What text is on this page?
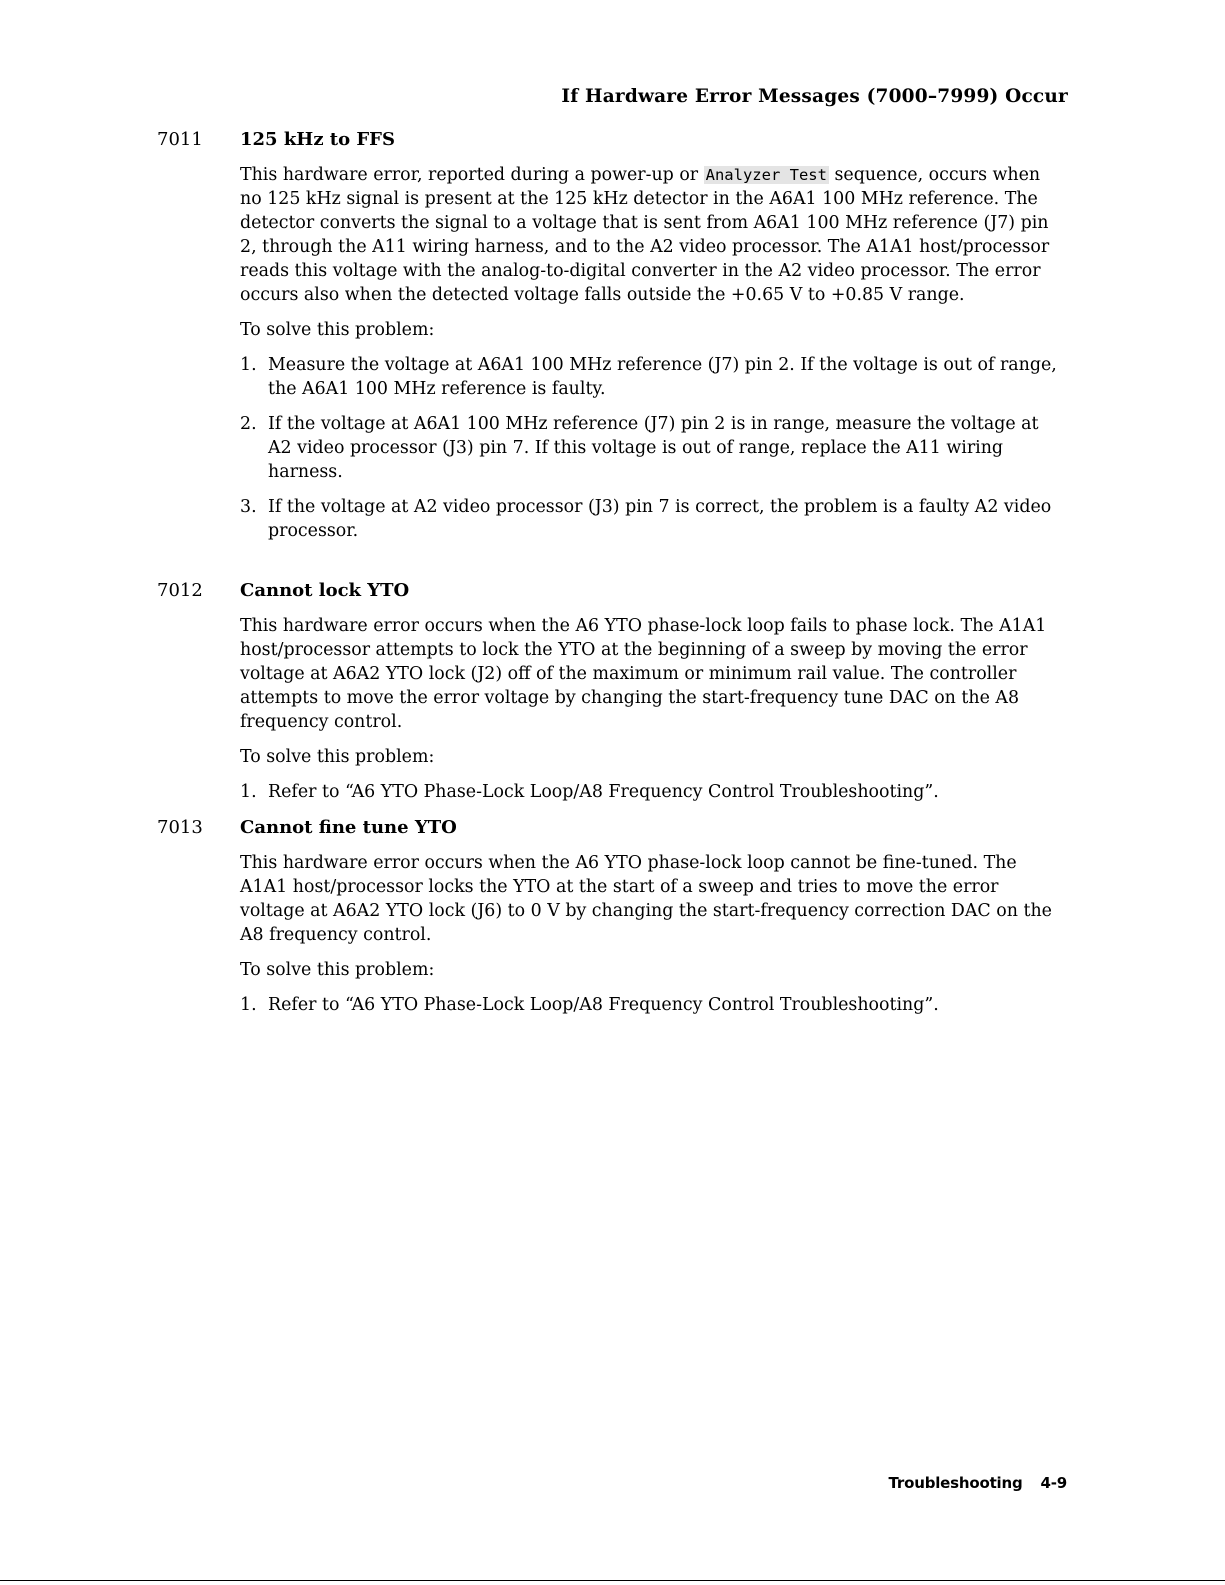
If Hardware Error Messages (7000–7999) Occur
7011 125 kHz to FFS

This hardware error, reported during a power-up or Analyzer Test sequence, occurs when no 125 kHz signal is present at the 125 kHz detector in the A6A1 100 MHz reference. The detector converts the signal to a voltage that is sent from A6A1 100 MHz reference (J7) pin 2, through the A11 wiring harness, and to the A2 video processor. The A1A1 host/processor reads this voltage with the analog-to-digital converter in the A2 video processor. The error occurs also when the detected voltage falls outside the +0.65 V to +0.85 V range.

To solve this problem:

1. Measure the voltage at A6A1 100 MHz reference (J7) pin 2. If the voltage is out of range, the A6A1 100 MHz reference is faulty.
2. If the voltage at A6A1 100 MHz reference (J7) pin 2 is in range, measure the voltage at A2 video processor (J3) pin 7. If this voltage is out of range, replace the A11 wiring harness.
3. If the voltage at A2 video processor (J3) pin 7 is correct, the problem is a faulty A2 video processor.
7012 Cannot lock YTO

This hardware error occurs when the A6 YTO phase-lock loop fails to phase lock. The A1A1 host/processor attempts to lock the YTO at the beginning of a sweep by moving the error voltage at A6A2 YTO lock (J2) off of the maximum or minimum rail value. The controller attempts to move the error voltage by changing the start-frequency tune DAC on the A8 frequency control.

To solve this problem:

1. Refer to “A6 YTO Phase-Lock Loop/A8 Frequency Control Troubleshooting”.
7013 Cannot fine tune YTO

This hardware error occurs when the A6 YTO phase-lock loop cannot be fine-tuned. The A1A1 host/processor locks the YTO at the start of a sweep and tries to move the error voltage at A6A2 YTO lock (J6) to 0 V by changing the start-frequency correction DAC on the A8 frequency control.

To solve this problem:

1. Refer to “A6 YTO Phase-Lock Loop/A8 Frequency Control Troubleshooting”.
Troubleshooting 4-9
